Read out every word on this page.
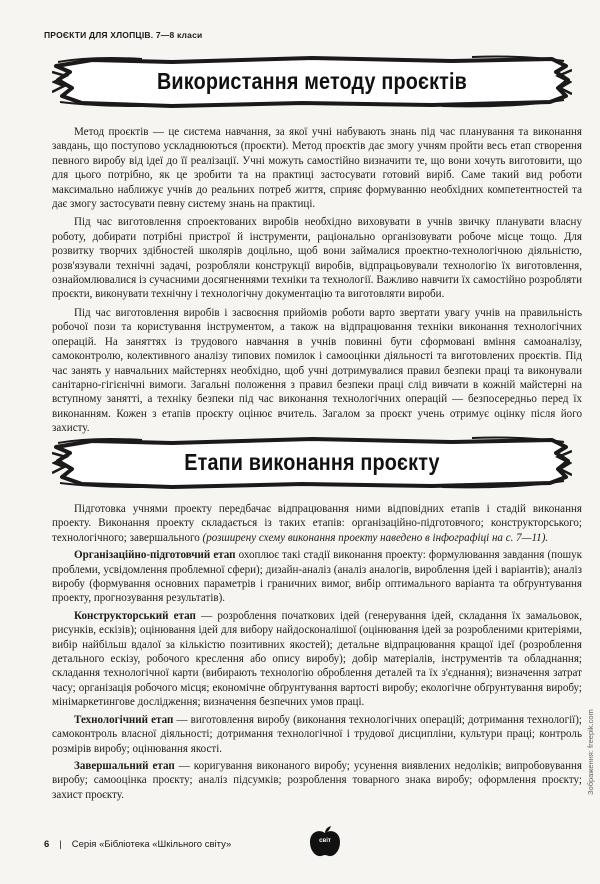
ПРОЄКТИ ДЛЯ ХЛОПЦІВ. 7—8 класи
Використання методу проєктів

Метод проєктів — це система навчання, за якої учні набувають знань під час планування та виконання завдань, що поступово ускладнюються (проєкти). Метод проєктів дає змогу учням пройти весь етап створення певного виробу від ідеї до її реалізації. Учні можуть самостійно визначити те, що вони хочуть виготовити, що для цього потрібно, як це зробити та на практиці застосувати готовий виріб. Саме такий вид роботи максимально наближує учнів до реальних потреб життя, сприяє формуванню необхідних компетентностей та дає змогу застосувати певну систему знань на практиці.

Під час виготовлення спроектованих виробів необхідно виховувати в учнів звичку планувати власну роботу, добирати потрібні пристрої й інструменти, раціонально організовувати робоче місце тощо. Для розвитку творчих здібностей школярів доцільно, щоб вони займалися проектно-технологічною діяльністю, розв'язували технічні задачі, розробляли конструкції виробів, відпрацьовували технологію їх виготовлення, ознайомлювалися із сучасними досягненнями техніки та технології. Важливо навчити їх самостійно розробляти проєкти, виконувати технічну і технологічну документацію та виготовляти вироби.

Під час виготовлення виробів і засвоєння прийомів роботи варто звертати увагу учнів на правильність робочої пози та користування інструментом, а також на відпрацювання техніки виконання технологічних операцій. На заняттях із трудового навчання в учнів повинні бути сформовані вміння самоаналізу, самоконтролю, колективного аналізу типових помилок і самооцінки діяльності та виготовлених проєктів. Під час занять у навчальних майстернях необхідно, щоб учні дотримувалися правил безпеки праці та виконували санітарно-гігієнічні вимоги. Загальні положення з правил безпеки праці слід вивчати в кожній майстерні на вступному занятті, а техніку безпеки під час виконання технологічних операцій — безпосередньо перед їх виконанням. Кожен з етапів проєкту оцінює вчитель. Загалом за проєкт учень отримує оцінку після його захисту.

Етапи виконання проєкту

Підготовка учнями проекту передбачає відпрацювання ними відповідних етапів і стадій виконання проекту. Виконання проекту складається із таких етапів: організаційно-підготовчого; конструкторського; технологічного; завершального (розширену схему виконання проекту наведено в інфографіці на с. 7—11).

Організаційно-підготовчий етап охоплює такі стадії виконання проекту: формулювання завдання (пошук проблеми, усвідомлення проблемної сфери); дизайн-аналіз (аналіз аналогів, вироблення ідей і варіантів); аналіз виробу (формування основних параметрів і граничних вимог, вибір оптимального варіанта та обґрунтування проекту, прогнозування результатів).

Конструкторський етап — розроблення початкових ідей (генерування ідей, складання їх замальовок, рисунків, ескізів); оцінювання ідей для вибору найдосконалішої (оцінювання ідей за розробленими критеріями, вибір найбільш вдалої за кількістю позитивних якостей); детальне відпрацювання кращої ідеї (розроблення детального ескізу, робочого креслення або опису виробу); добір матеріалів, інструментів та обладнання; складання технологічної карти (вибирають технологію оброблення деталей та їх з'єднання); визначення затрат часу; організація робочого місця; економічне обґрунтування вартості виробу; екологічне обґрунтування виробу; мінімаркетингове дослідження; визначення безпечних умов праці.

Технологічний етап — виготовлення виробу (виконання технологічних операцій; дотримання технології); самоконтроль власної діяльності; дотримання технологічної і трудової дисципліни, культури праці; контроль розмірів виробу; оцінювання якості.

Завершальний етап — коригування виконаного виробу; усунення виявлених недоліків; випробовування виробу; самооцінка проєкту; аналіз підсумків; розроблення товарного знака виробу; оформлення проєкту; захист проєкту.

6 | Серія «Бібліотека «Шкільного світу»	світ
Зображення: freepik.com
